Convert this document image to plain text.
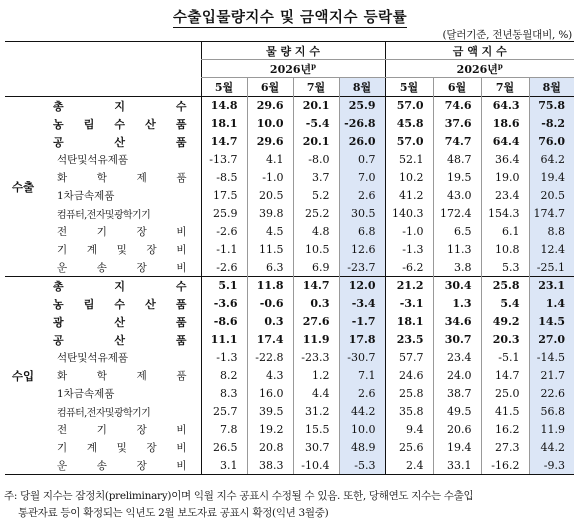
수출입물량지수 및 금액지수 등락률
(달러기준, 전년동월대비, %)
		물 량 지 수				금 액 지 수			
		2026년$^p$				2026년$^p$
		5월	6월	7월	8월	5월	6월	7월	8월
수출	총 지 수	14.8	29.6	20.1	25.9	57.0	74.6	64.3	75.8
	농 림 수 산 품	18.1	10.0	-5.4	-26.8	45.8	37.6	18.6	-8.2
	공 산 품	14.7	29.6	20.1	26.0	57.0	74.7	64.4	76.0
	석탄및석유제품	-13.7	4.1	-8.0	0.7	52.1	48.7	36.4	64.2
	화 학 제 품	-8.5	-1.0	3.7	7.0	10.2	19.5	19.0	19.4
	1차금속제품	17.5	20.5	5.2	2.6	41.2	43.0	23.4	20.5
	컴퓨터,전자및광학기기	25.9	39.8	25.2	30.5	140.3	172.4	154.3	174.7
	전 기 장 비	-2.6	4.5	4.8	6.8	-1.0	6.5	6.1	8.8
	기 계 및 장 비	-1.1	11.5	10.5	12.6	-1.3	11.3	10.8	12.4
	운 송 장 비	-2.6	6.3	6.9	-23.7	-6.2	3.8	5.3	-25.1
수입	총 지 수	5.1	11.8	14.7	12.0	21.2	30.4	25.8	23.1
	농 림 수 산 품	-3.6	-0.6	0.3	-3.4	-3.1	1.3	5.4	1.4
	광 산 품	-8.6	0.3	27.6	-1.7	18.1	34.6	49.2	14.5
	공 산 품	11.1	17.4	11.9	17.8	23.5	30.7	20.3	27.0
	석탄및석유제품	-1.3	-22.8	-23.3	-30.7	57.7	23.4	-5.1	-14.5
	화 학 제 품	8.2	4.3	1.2	7.1	24.6	24.0	14.7	21.7
	1차금속제품	8.3	16.0	4.4	2.6	25.8	38.7	25.0	22.6
	컴퓨터,전자및광학기기	25.7	39.5	31.2	44.2	35.8	49.5	41.5	56.8
	전 기 장 비	7.8	19.2	15.5	10.0	9.4	20.6	16.2	11.9
	기 계 및 장 비	26.5	20.8	30.7	48.9	25.6	19.4	27.3	44.2
	운 송 장 비	3.1	38.3	-10.4	-5.3	2.4	33.1	-16.2	-9.3
주: 당월 지수는 잠정치(preliminary)이며 익월 지수 공표시 수정될 수 있음. 또한, 당해연도 지수는 수출입
통관자료 등이 확정되는 익년도 2월 보도자료 공표시 확정(익년 3월중)
